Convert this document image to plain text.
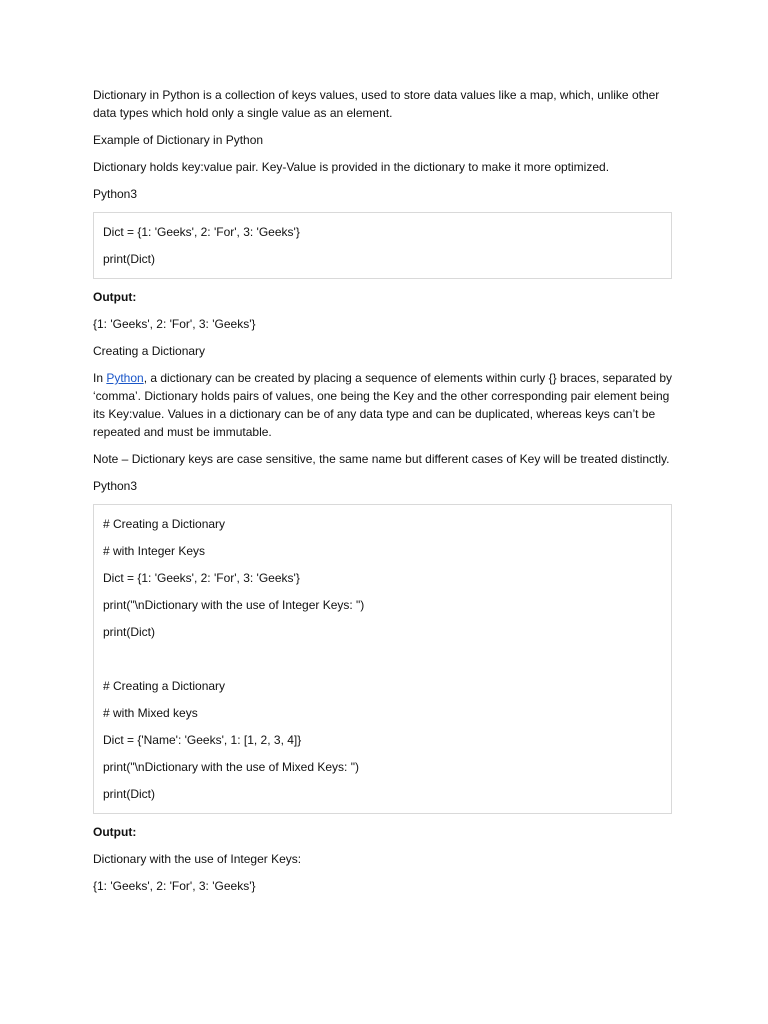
Dictionary in Python is a collection of keys values, used to store data values like a map, which, unlike other data types which hold only a single value as an element.

Example of Dictionary in Python

Dictionary holds key:value pair. Key-Value is provided in the dictionary to make it more optimized.

Python3

Dict = {1: 'Geeks', 2: 'For', 3: 'Geeks'}

print(Dict)

Output:

{1: 'Geeks', 2: 'For', 3: 'Geeks'}

Creating a Dictionary

In Python, a dictionary can be created by placing a sequence of elements within curly {} braces, separated by ‘comma’. Dictionary holds pairs of values, one being the Key and the other corresponding pair element being its Key:value. Values in a dictionary can be of any data type and can be duplicated, whereas keys can’t be repeated and must be immutable.

Note – Dictionary keys are case sensitive, the same name but different cases of Key will be treated distinctly.

Python3

# Creating a Dictionary

# with Integer Keys

Dict = {1: 'Geeks', 2: 'For', 3: 'Geeks'}

print("\nDictionary with the use of Integer Keys: ")

print(Dict)

# Creating a Dictionary

# with Mixed keys

Dict = {'Name': 'Geeks', 1: [1, 2, 3, 4]}

print("\nDictionary with the use of Mixed Keys: ")

print(Dict)

Output:

Dictionary with the use of Integer Keys:

{1: 'Geeks', 2: 'For', 3: 'Geeks'}
